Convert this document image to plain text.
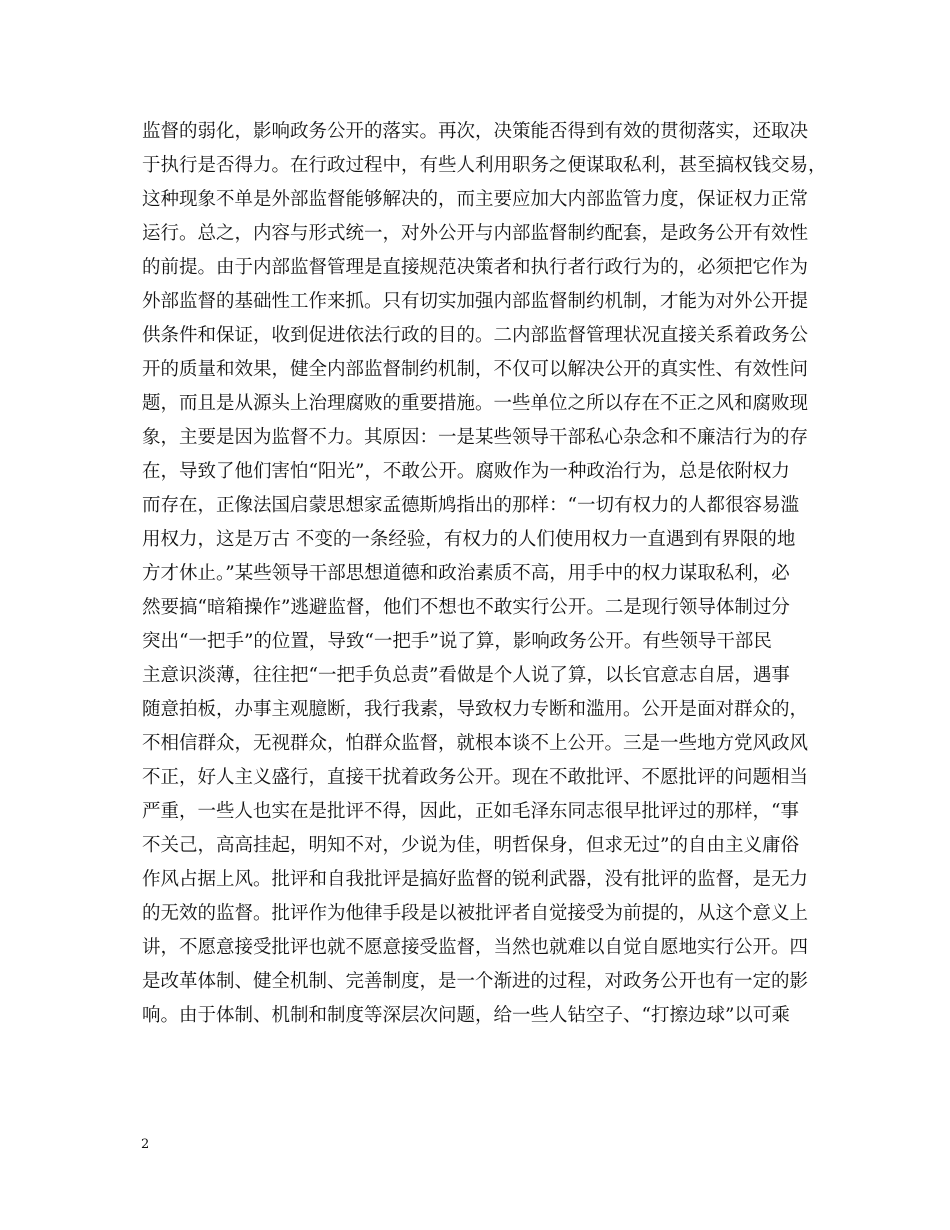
监督的弱化，影响政务公开的落实。再次，决策能否得到有效的贯彻落实，还取决
于执行是否得力。在行政过程中，有些人利用职务之便谋取私利，甚至搞权钱交易，
这种现象不单是外部监督能够解决的，而主要应加大内部监管力度，保证权力正常
运行。总之，内容与形式统一，对外公开与内部监督制约配套，是政务公开有效性
的前提。由于内部监督管理是直接规范决策者和执行者行政行为的，必须把它作为
外部监督的基础性工作来抓。只有切实加强内部监督制约机制，才能为对外公开提
供条件和保证，收到促进依法行政的目的。二内部监督管理状况直接关系着政务公
开的质量和效果，健全内部监督制约机制，不仅可以解决公开的真实性、有效性问
题，而且是从源头上治理腐败的重要措施。一些单位之所以存在不正之风和腐败现
象，主要是因为监督不力。其原因：一是某些领导干部私心杂念和不廉洁行为的存
在，导致了他们害怕“阳光”，不敢公开。腐败作为一种政治行为，总是依附权力
而存在，正像法国启蒙思想家孟德斯鸠指出的那样：“一切有权力的人都很容易滥
用权力，这是万古 不变的一条经验，有权力的人们使用权力一直遇到有界限的地
方才休止。”某些领导干部思想道德和政治素质不高，用手中的权力谋取私利，必
然要搞“暗箱操作”逃避监督，他们不想也不敢实行公开。二是现行领导体制过分
突出“一把手”的位置，导致“一把手”说了算，影响政务公开。有些领导干部民
主意识淡薄，往往把“一把手负总责”看做是个人说了算，以长官意志自居，遇事
随意拍板，办事主观臆断，我行我素，导致权力专断和滥用。公开是面对群众的，
不相信群众，无视群众，怕群众监督，就根本谈不上公开。三是一些地方党风政风
不正，好人主义盛行，直接干扰着政务公开。现在不敢批评、不愿批评的问题相当
严重，一些人也实在是批评不得，因此，正如毛泽东同志很早批评过的那样，“事
不关己，高高挂起，明知不对，少说为佳，明哲保身，但求无过”的自由主义庸俗
作风占据上风。批评和自我批评是搞好监督的锐利武器，没有批评的监督，是无力
的无效的监督。批评作为他律手段是以被批评者自觉接受为前提的，从这个意义上
讲，不愿意接受批评也就不愿意接受监督，当然也就难以自觉自愿地实行公开。四
是改革体制、健全机制、完善制度，是一个渐进的过程，对政务公开也有一定的影
响。由于体制、机制和制度等深层次问题，给一些人钻空子、“打擦边球”以可乘
2
